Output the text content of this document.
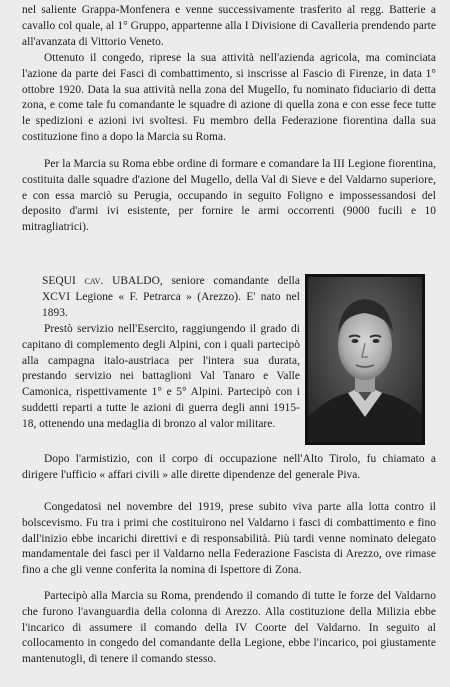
nel saliente Grappa-Monfenera e venne successivamente trasferito al regg. Batterie a cavallo col quale, al 1° Gruppo, appartenne alla I Divisione di Cavalleria prendendo parte all'avanzata di Vittorio Veneto.

Ottenuto il congedo, riprese la sua attività nell'azienda agricola, ma cominciata l'azione da parte dei Fasci di combattimento, si inscrisse al Fascio di Firenze, in data 1° ottobre 1920. Data la sua attività nella zona del Mugello, fu nominato fiduciario di detta zona, e come tale fu comandante le squadre di azione di quella zona e con esse fece tutte le spedizioni e azioni ivi svoltesi. Fu membro della Federazione fiorentina dalla sua costituzione fino a dopo la Marcia su Roma.

Per la Marcia su Roma ebbe ordine di formare e comandare la III Legione fiorentina, costituita dalle squadre d'azione del Mugello, della Val di Sieve e del Valdarno superiore, e con essa marciò su Perugia, occupando in seguito Foligno e impossessandosi del deposito d'armi ivi esistente, per fornire le armi occorrenti (9000 fucili e 10 mitragliatrici).

SEQUI cav. UBALDO, seniore comandante della XCVI Legione « F. Petrarca » (Arezzo). E' nato nel 1893.

Prestò servizio nell'Esercito, raggiungendo il grado di capitano di complemento degli Alpini, con i quali partecipò alla campagna italo-austriaca per l'intera sua durata, prestando servizio nei battaglioni Val Tanaro e Valle Camonica, rispettivamente 1° e 5° Alpini. Partecipò con i suddetti reparti a tutte le azioni di guerra degli anni 1915-18, ottenendo una medaglia di bronzo al valor militare.

Dopo l'armistizio, con il corpo di occupazione nell'Alto Tirolo, fu chiamato a dirigere l'ufficio « affari civili » alle dirette dipendenze del generale Piva.

Congedatosi nel novembre del 1919, prese subito viva parte alla lotta contro il bolscevismo. Fu tra i primi che costituirono nel Valdarno i fasci di combattimento e fino dall'inizio ebbe incarichi direttivi e di responsabilità. Più tardi venne nominato delegato mandamentale dei fasci per il Valdarno nella Federazione Fascista di Arezzo, ove rimase fino a che gli venne conferita la nomina di Ispettore di Zona.

Partecipò alla Marcia su Roma, prendendo il comando di tutte le forze del Valdarno che furono l'avanguardia della colonna di Arezzo. Alla costituzione della Milizia ebbe l'incarico di assumere il comando della IV Coorte del Valdarno. In seguito al collocamento in congedo del comandante della Legione, ebbe l'incarico, poi giustamente mantenutogli, di tenere il comando stesso.
